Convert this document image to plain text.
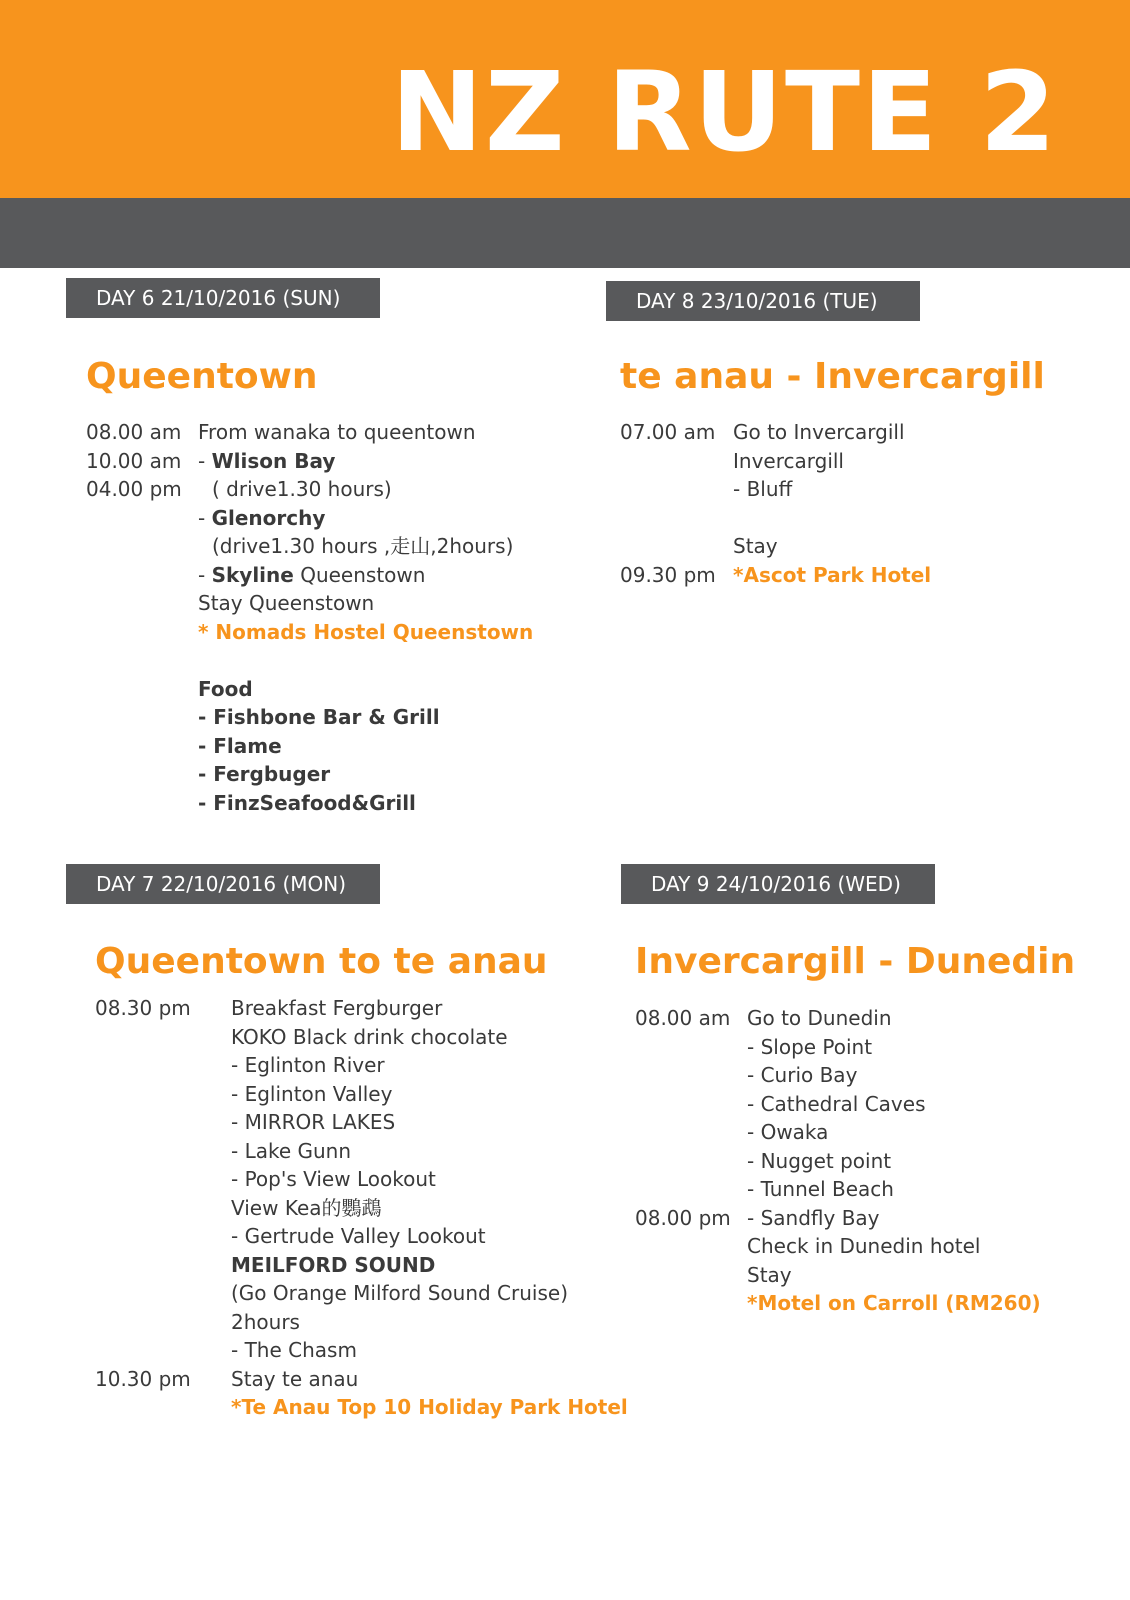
NZ RUTE 2
DAY 6 21/10/2016 (SUN)
Queentown
08.00 am
10.00 am
04.00 pm
From wanaka to queentown
- Wlison Bay
( drive1.30 hours)
- Glenorchy
(drive1.30 hours ,走山,2hours)
- Skyline Queenstown
Stay Queenstown
* Nomads Hostel Queenstown
Food
- Fishbone Bar & Grill
- Flame
- Fergbuger
- FinzSeafood&Grill
DAY 8 23/10/2016 (TUE)
te anau - Invercargill
07.00 am
09.30 pm
Go to Invercargill
Invercargill
- Bluff
Stay
*Ascot Park Hotel
DAY 7 22/10/2016 (MON)
Queentown to te anau
08.30 pm
10.30 pm
Breakfast Fergburger
KOKO Black drink chocolate
- Eglinton River
- Eglinton Valley
- MIRROR LAKES
- Lake Gunn
- Pop's View Lookout
View Kea的鸚鵡
- Gertrude Valley Lookout
MEILFORD SOUND
(Go Orange Milford Sound Cruise)
2hours
- The Chasm
Stay te anau
*Te Anau Top 10 Holiday Park Hotel
DAY 9 24/10/2016 (WED)
Invercargill - Dunedin
08.00 am
08.00 pm
Go to Dunedin
- Slope Point
- Curio Bay
- Cathedral Caves
- Owaka
- Nugget point
- Tunnel Beach
- Sandfly Bay
Check in Dunedin hotel
Stay
*Motel on Carroll (RM260)
